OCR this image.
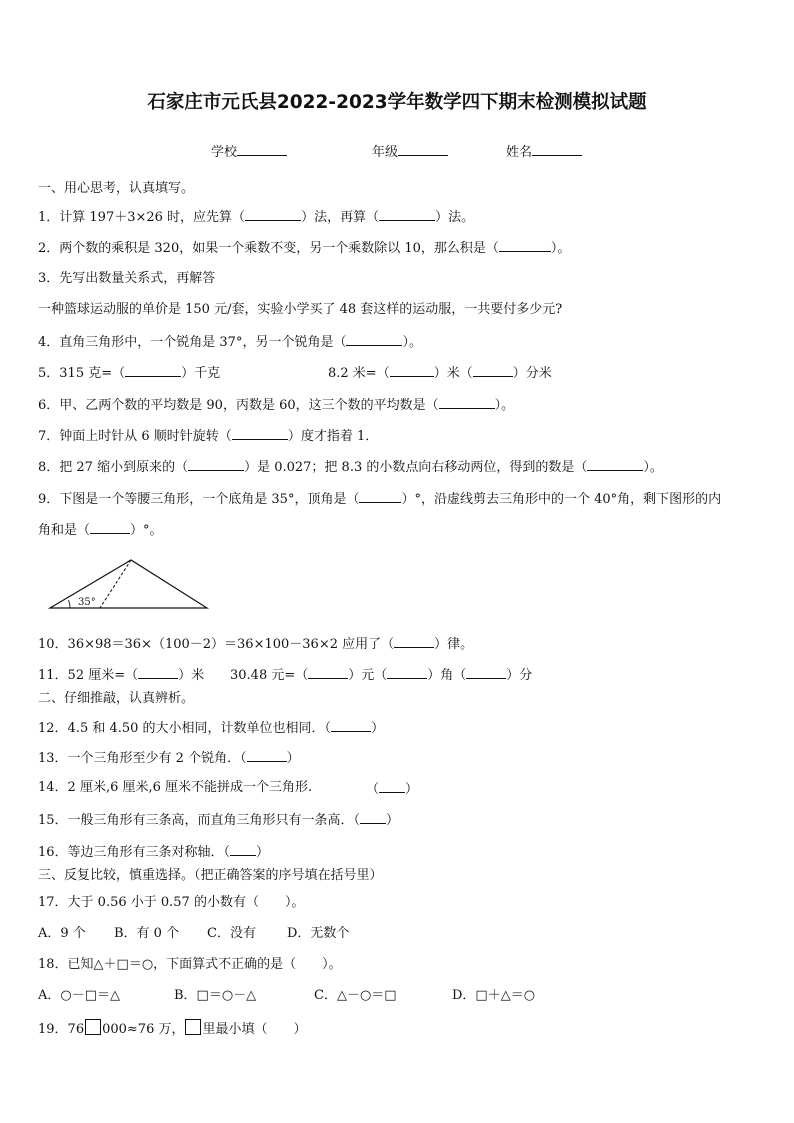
石家庄市元氏县2022-2023学年数学四下期末检测模拟试题
学校	年级	姓名
一、用心思考，认真填写。
1．计算 197＋3×26 时，应先算（	）法，再算（	）法。
2．两个数的乘积是 320，如果一个乘数不变，另一个乘数除以 10，那么积是（	）。
3．先写出数量关系式，再解答
一种篮球运动服的单价是 150 元/套，实验小学买了 48 套这样的运动服，一共要付多少元?
4．直角三角形中，一个锐角是 37°，另一个锐角是（	）。
5．315 克=（	）千克	8.2 米=（	）米（	）分米
6．甲、乙两个数的平均数是 90，丙数是 60，这三个数的平均数是（	）。
7．钟面上时针从 6 顺时针旋转（	）度才指着 1．
8．把 27 缩小到原来的（	）是 0.027；把 8.3 的小数点向右移动两位，得到的数是（	）。
9．下图是一个等腰三角形，一个底角是 35°，顶角是（	）°，沿虚线剪去三角形中的一个 40°角，剩下图形的内
角和是（	）°。
35°
10．36×98＝36×（100－2）＝36×100－36×2 应用了（	）律。
11．52 厘米=（	）米 30.48 元=（	）元（	）角（	）分
二、仔细推敲，认真辨析。
12．4.5 和 4.50 的大小相同，计数单位也相同．（	）
13．一个三角形至少有 2 个锐角．（	）
14．2 厘米,6 厘米,6 厘米不能拼成一个三角形.	（ ）
15．一般三角形有三条高，而直角三角形只有一条高．（ ）
16．等边三角形有三条对称轴．（ ）
三、反复比较，慎重选择。（把正确答案的序号填在括号里）
17．大于 0.56 小于 0.57 的小数有（　　）。
A．9 个 B．有 0 个 C．没有 D．无数个
18．已知△＋□＝○，下面算式不正确的是（　　）。
A．○－□＝△	B．□＝○－△	C．△－○＝□	D．□＋△＝○
19．76 000≈76 万， 里最小填（　　）
